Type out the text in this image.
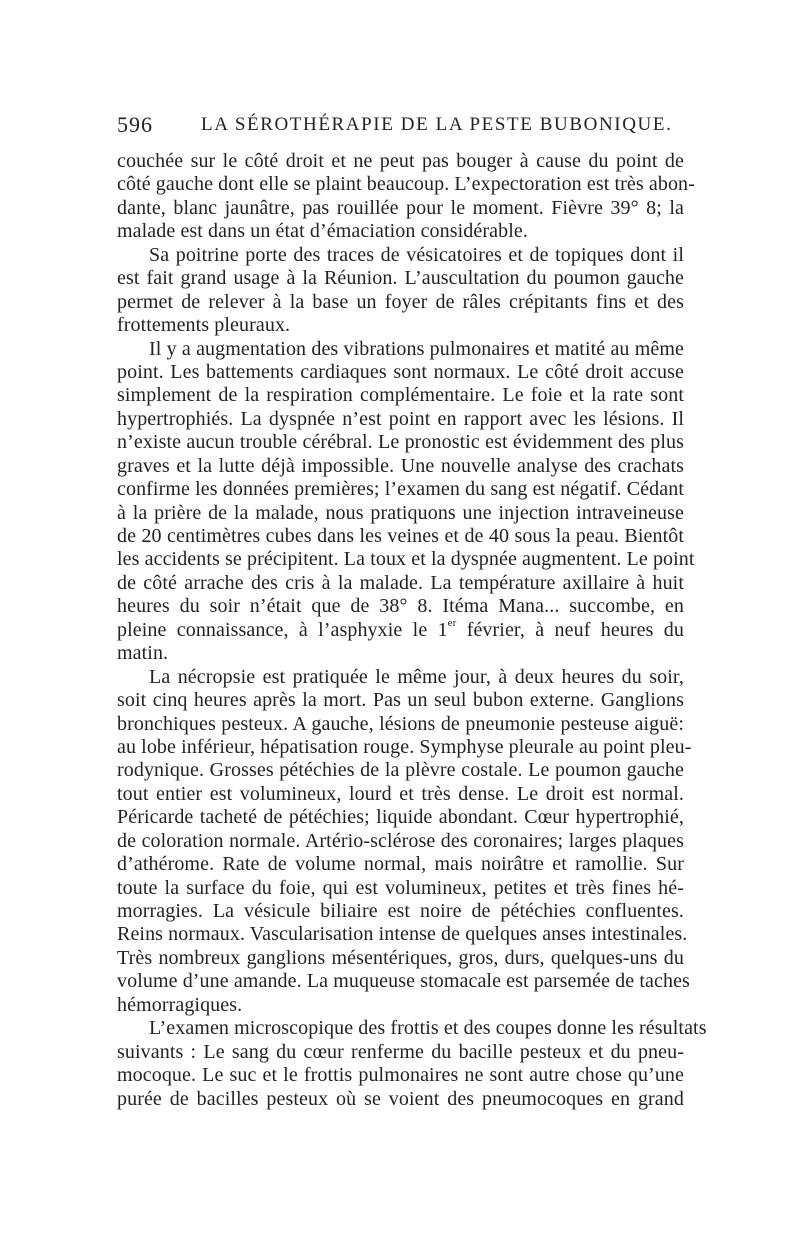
596	LA SÉROTHÉRAPIE DE LA PESTE BUBONIQUE.
couchée sur le côté droit et ne peut pas bouger à cause du point de
côté gauche dont elle se plaint beaucoup. L’expectoration est très abon-
dante, blanc jaunâtre, pas rouillée pour le moment. Fièvre 39° 8; la
malade est dans un état d’émaciation considérable.
Sa poitrine porte des traces de vésicatoires et de topiques dont il
est fait grand usage à la Réunion. L’auscultation du poumon gauche
permet de relever à la base un foyer de râles crépitants fins et des
frottements pleuraux.
Il y a augmentation des vibrations pulmonaires et matité au même
point. Les battements cardiaques sont normaux. Le côté droit accuse
simplement de la respiration complémentaire. Le foie et la rate sont
hypertrophiés. La dyspnée n’est point en rapport avec les lésions. Il
n’existe aucun trouble cérébral. Le pronostic est évidemment des plus
graves et la lutte déjà impossible. Une nouvelle analyse des crachats
confirme les données premières; l’examen du sang est négatif. Cédant
à la prière de la malade, nous pratiquons une injection intraveineuse
de 20 centimètres cubes dans les veines et de 40 sous la peau. Bientôt
les accidents se précipitent. La toux et la dyspnée augmentent. Le point
de côté arrache des cris à la malade. La température axillaire à huit
heures du soir n’était que de 38° 8. Itéma Mana... succombe, en
pleine connaissance, à l’asphyxie le 1er février, à neuf heures du
matin.
La nécropsie est pratiquée le même jour, à deux heures du soir,
soit cinq heures après la mort. Pas un seul bubon externe. Ganglions
bronchiques pesteux. A gauche, lésions de pneumonie pesteuse aiguë:
au lobe inférieur, hépatisation rouge. Symphyse pleurale au point pleu-
rodynique. Grosses pétéchies de la plèvre costale. Le poumon gauche
tout entier est volumineux, lourd et très dense. Le droit est normal.
Péricarde tacheté de pétéchies; liquide abondant. Cœur hypertrophié,
de coloration normale. Artério-sclérose des coronaires; larges plaques
d’athérome. Rate de volume normal, mais noirâtre et ramollie. Sur
toute la surface du foie, qui est volumineux, petites et très fines hé-
morragies. La vésicule biliaire est noire de pétéchies confluentes.
Reins normaux. Vascularisation intense de quelques anses intestinales.
Très nombreux ganglions mésentériques, gros, durs, quelques-uns du
volume d’une amande. La muqueuse stomacale est parsemée de taches
hémorragiques.
L’examen microscopique des frottis et des coupes donne les résultats
suivants : Le sang du cœur renferme du bacille pesteux et du pneu-
mocoque. Le suc et le frottis pulmonaires ne sont autre chose qu’une
purée de bacilles pesteux où se voient des pneumocoques en grand
